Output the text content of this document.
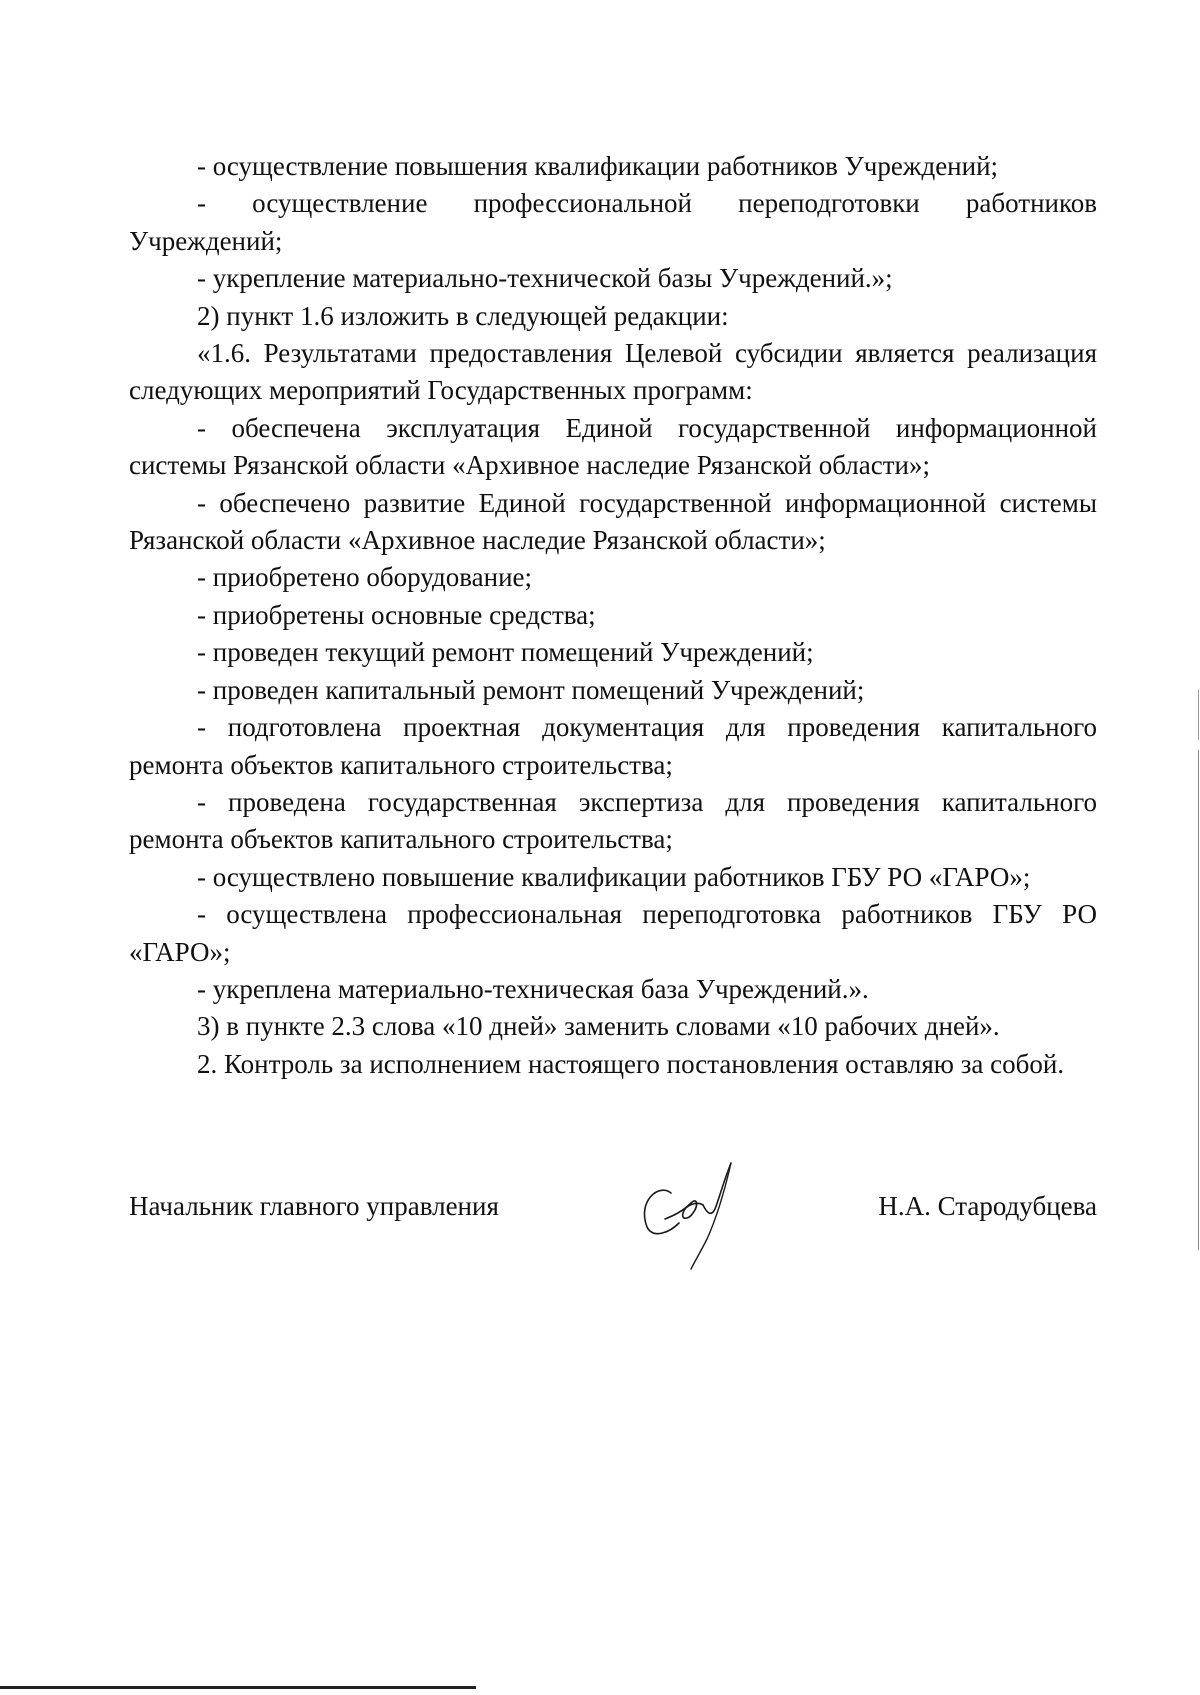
- осуществление повышения квалификации работников Учреждений;

- осуществление профессиональной переподготовки работников Учреждений;

- укрепление материально-технической базы Учреждений.»;

2) пункт 1.6 изложить в следующей редакции:

«1.6. Результатами предоставления Целевой субсидии является реализация следующих мероприятий Государственных программ:

- обеспечена эксплуатация Единой государственной информационной системы Рязанской области «Архивное наследие Рязанской области»;

- обеспечено развитие Единой государственной информационной системы Рязанской области «Архивное наследие Рязанской области»;

- приобретено оборудование;

- приобретены основные средства;

- проведен текущий ремонт помещений Учреждений;

- проведен капитальный ремонт помещений Учреждений;

- подготовлена проектная документация для проведения капитального ремонта объектов капитального строительства;

- проведена государственная экспертиза для проведения капитального ремонта объектов капитального строительства;

- осуществлено повышение квалификации работников ГБУ РО «ГАРО»;

- осуществлена профессиональная переподготовка работников ГБУ РО «ГАРО»;

- укреплена материально-техническая база Учреждений.».

3) в пункте 2.3 слова «10 дней» заменить словами «10 рабочих дней».

2. Контроль за исполнением настоящего постановления оставляю за собой.

Начальник главного управления	Н.А. Стародубцева
